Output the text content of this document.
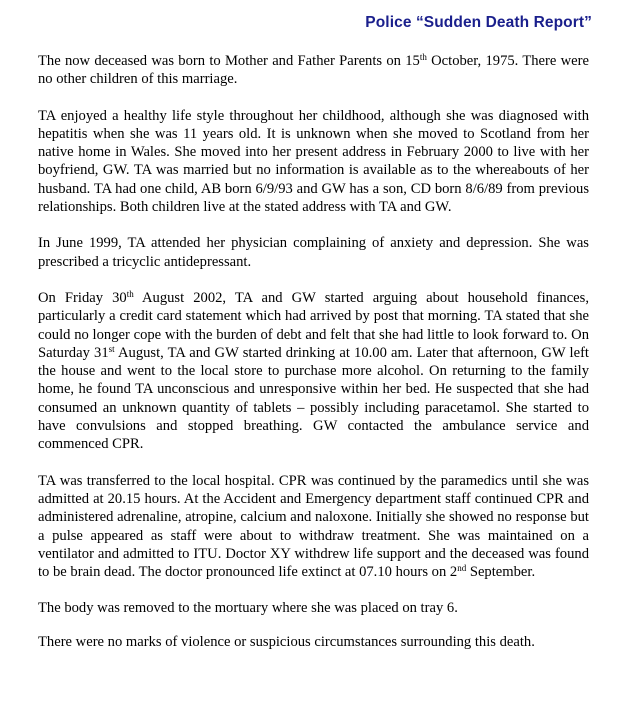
Police “Sudden Death Report”

The now deceased was born to Mother and Father Parents on 15th October, 1975. There were no other children of this marriage.

TA enjoyed a healthy life style throughout her childhood, although she was diagnosed with hepatitis when she was 11 years old. It is unknown when she moved to Scotland from her native home in Wales. She moved into her present address in February 2000 to live with her boyfriend, GW. TA was married but no information is available as to the whereabouts of her husband. TA had one child, AB born 6/9/93 and GW has a son, CD born 8/6/89 from previous relationships. Both children live at the stated address with TA and GW.

In June 1999, TA attended her physician complaining of anxiety and depression. She was prescribed a tricyclic antidepressant.

On Friday 30th August 2002, TA and GW started arguing about household finances, particularly a credit card statement which had arrived by post that morning. TA stated that she could no longer cope with the burden of debt and felt that she had little to look forward to. On Saturday 31st August, TA and GW started drinking at 10.00 am. Later that afternoon, GW left the house and went to the local store to purchase more alcohol. On returning to the family home, he found TA unconscious and unresponsive within her bed. He suspected that she had consumed an unknown quantity of tablets – possibly including paracetamol. She started to have convulsions and stopped breathing. GW contacted the ambulance service and commenced CPR.

TA was transferred to the local hospital. CPR was continued by the paramedics until she was admitted at 20.15 hours. At the Accident and Emergency department staff continued CPR and administered adrenaline, atropine, calcium and naloxone. Initially she showed no response but a pulse appeared as staff were about to withdraw treatment. She was maintained on a ventilator and admitted to ITU. Doctor XY withdrew life support and the deceased was found to be brain dead. The doctor pronounced life extinct at 07.10 hours on 2nd September.

The body was removed to the mortuary where she was placed on tray 6.

There were no marks of violence or suspicious circumstances surrounding this death.
